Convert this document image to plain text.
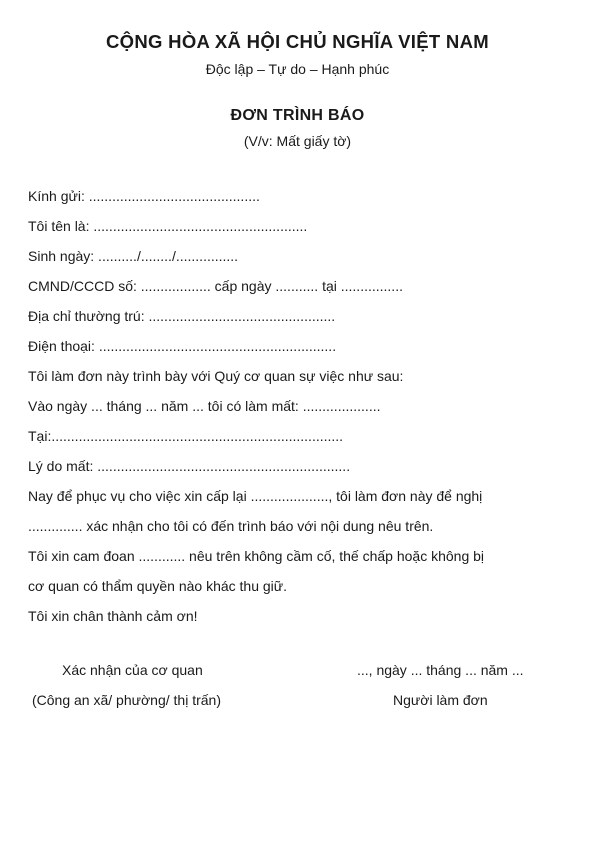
CỘNG HÒA XÃ HỘI CHỦ NGHĨA VIỆT NAM
Độc lập – Tự do – Hạnh phúc
ĐƠN TRÌNH BÁO
(V/v: Mất giấy tờ)
Kính gửi: ............................................
Tôi tên là: .......................................................
Sinh ngày: ........../......../................
CMND/CCCD số: .................. cấp ngày ........... tại ................
Địa chỉ thường trú: ................................................
Điện thoại: .............................................................
Tôi làm đơn này trình bày với Quý cơ quan sự việc như sau:
Vào ngày ... tháng ... năm ... tôi có làm mất: ....................
Tại:...........................................................................
Lý do mất: .................................................................
Nay để phục vụ cho việc xin cấp lại ...................., tôi làm đơn này để nghị
.............. xác nhận cho tôi có đến trình báo với nội dung nêu trên.
Tôi xin cam đoan ............ nêu trên không cầm cố, thế chấp hoặc không bị
cơ quan có thẩm quyền nào khác thu giữ.
Tôi xin chân thành cảm ơn!
Xác nhận của cơ quan
(Công an xã/ phường/ thị trấn)
..., ngày ... tháng ... năm ...
Người làm đơn
